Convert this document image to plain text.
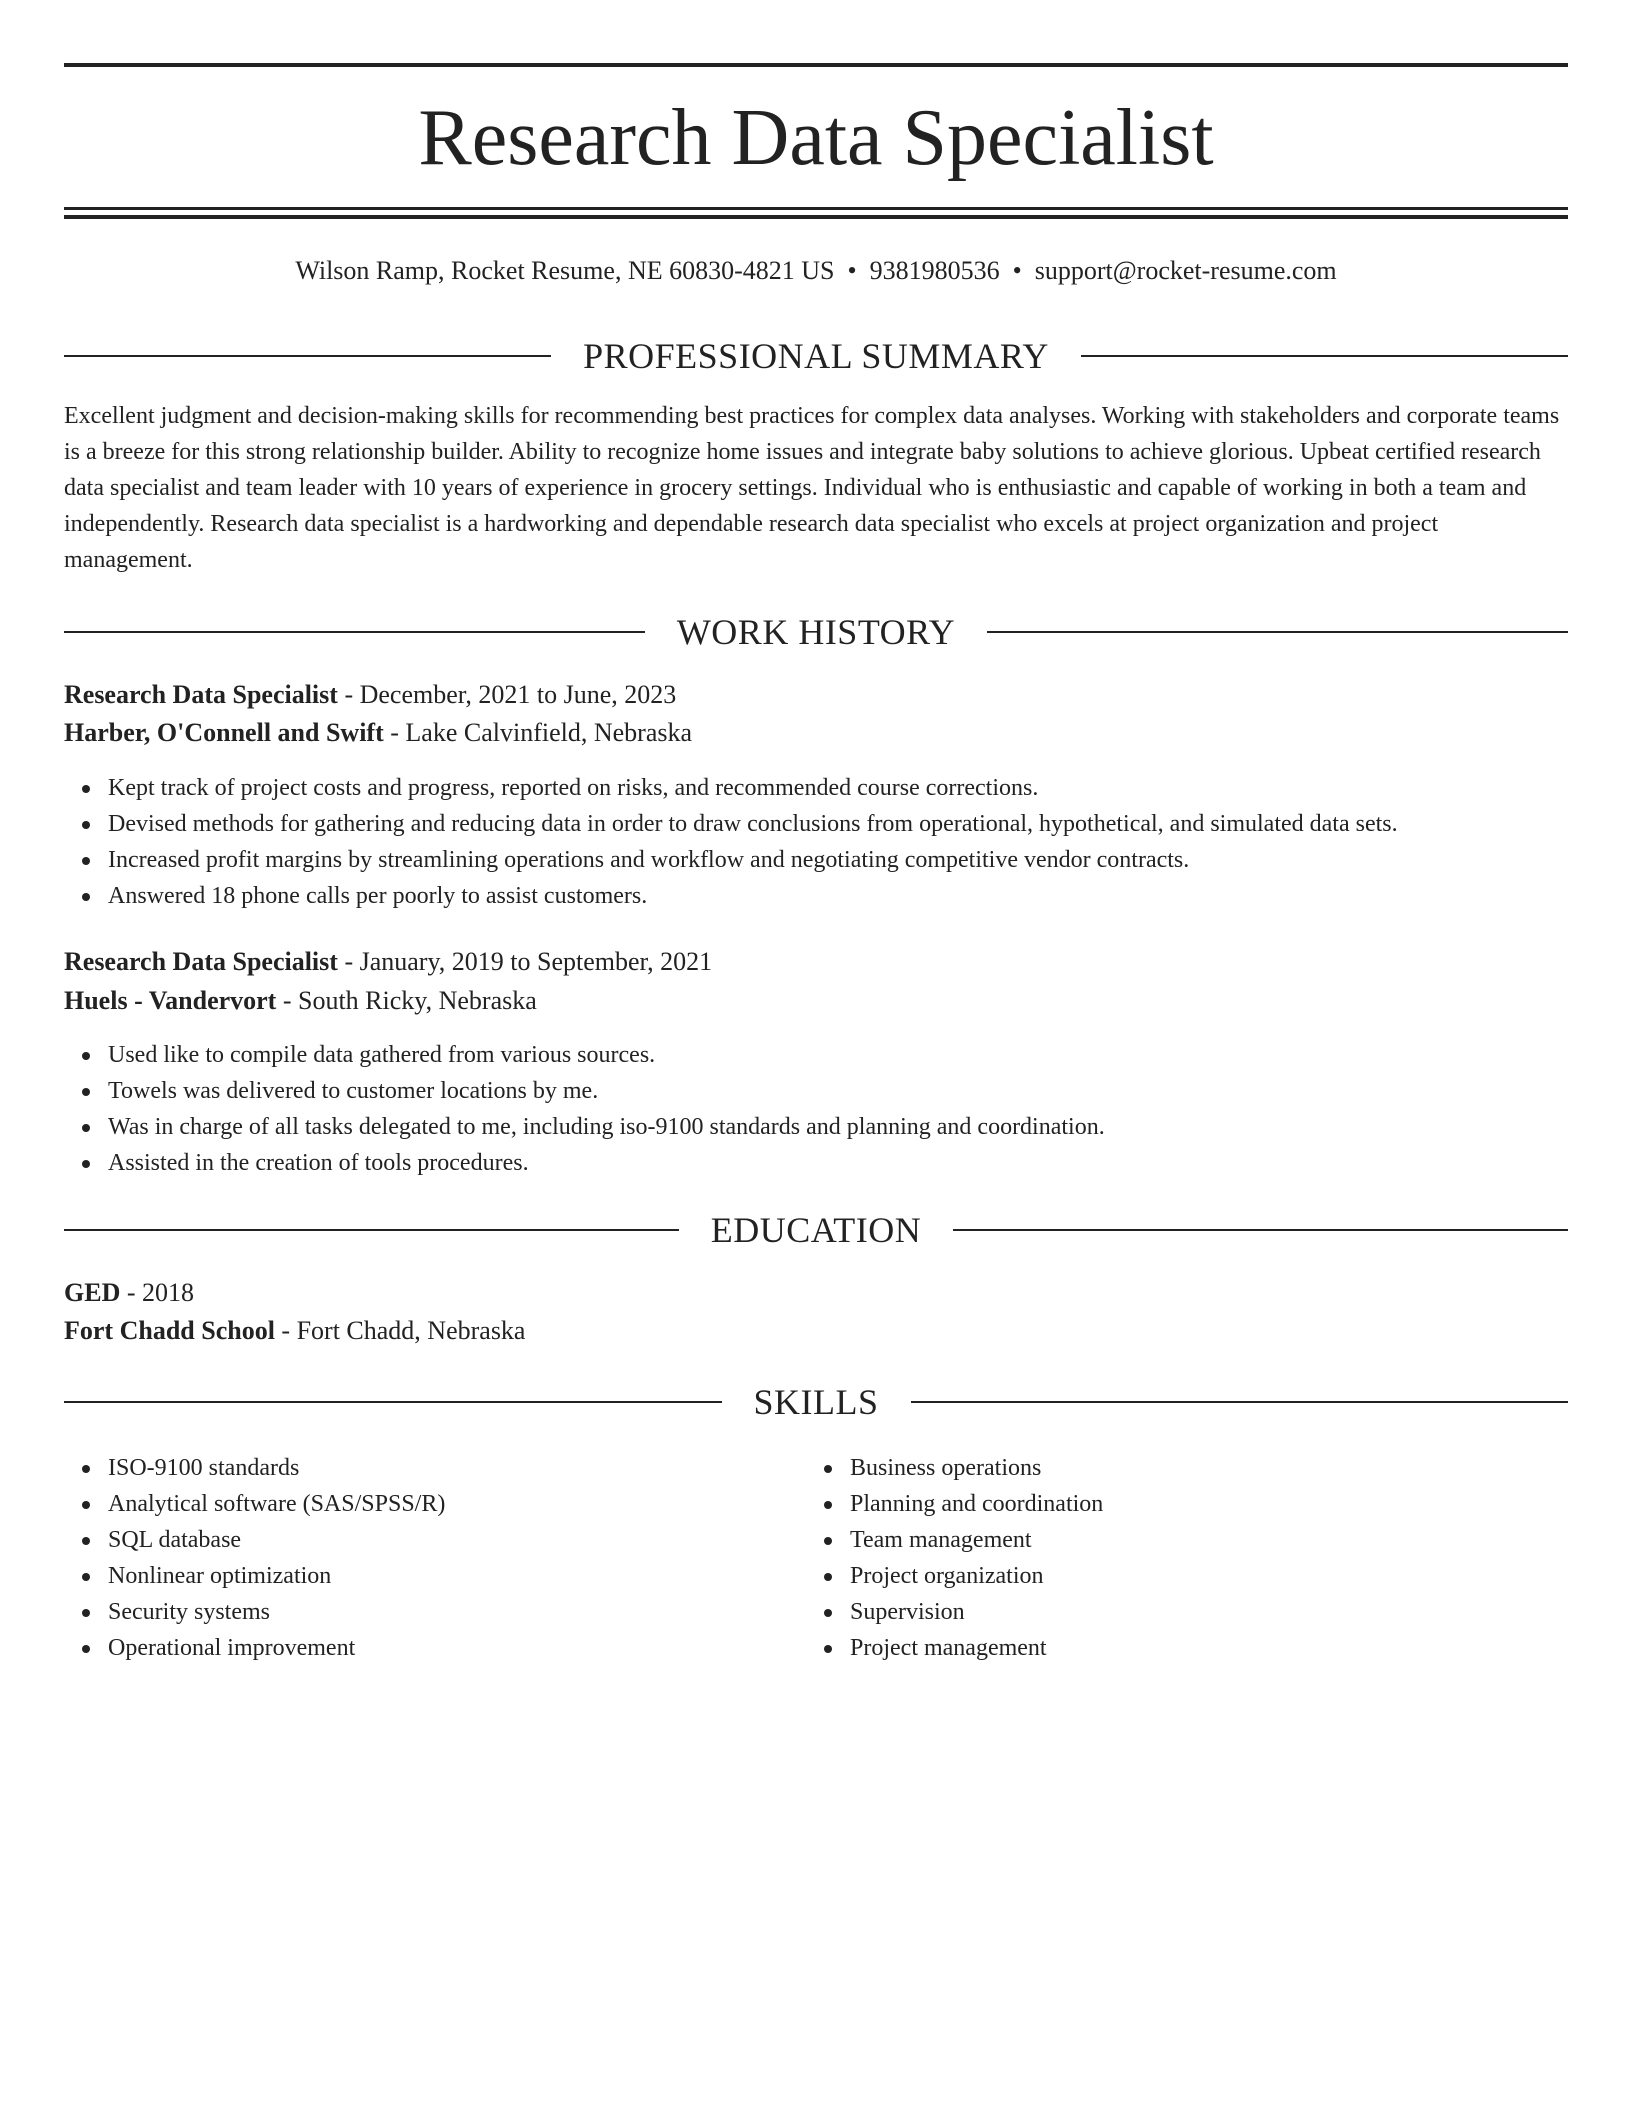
Research Data Specialist
Wilson Ramp, Rocket Resume, NE 60830-4821 US • 9381980536 • support@rocket-resume.com
PROFESSIONAL SUMMARY

Excellent judgment and decision-making skills for recommending best practices for complex data analyses. Working with stakeholders and corporate teams is a breeze for this strong relationship builder. Ability to recognize home issues and integrate baby solutions to achieve glorious. Upbeat certified research data specialist and team leader with 10 years of experience in grocery settings. Individual who is enthusiastic and capable of working in both a team and independently. Research data specialist is a hardworking and dependable research data specialist who excels at project organization and project management.

WORK HISTORY
Research Data Specialist - December, 2021 to June, 2023
Harber, O'Connell and Swift - Lake Calvinfield, Nebraska
Kept track of project costs and progress, reported on risks, and recommended course corrections.
Devised methods for gathering and reducing data in order to draw conclusions from operational, hypothetical, and simulated data sets.
Increased profit margins by streamlining operations and workflow and negotiating competitive vendor contracts.
Answered 18 phone calls per poorly to assist customers.
Research Data Specialist - January, 2019 to September, 2021
Huels - Vandervort - South Ricky, Nebraska
Used like to compile data gathered from various sources.
Towels was delivered to customer locations by me.
Was in charge of all tasks delegated to me, including iso-9100 standards and planning and coordination.
Assisted in the creation of tools procedures.
EDUCATION
GED - 2018
Fort Chadd School - Fort Chadd, Nebraska
SKILLS
ISO-9100 standards
Analytical software (SAS/SPSS/R)
SQL database
Nonlinear optimization
Security systems
Operational improvement
Business operations
Planning and coordination
Team management
Project organization
Supervision
Project management
